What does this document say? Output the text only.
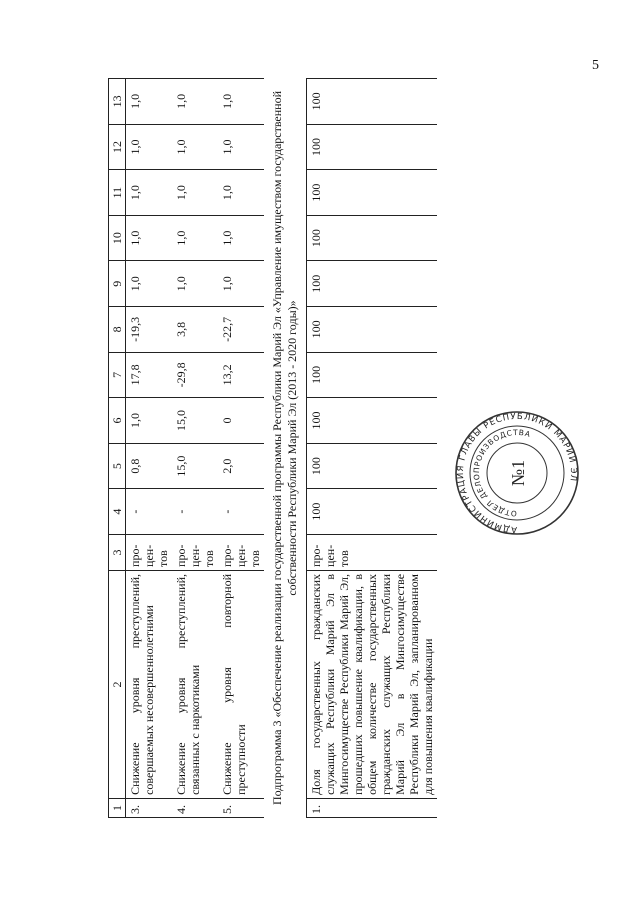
5
1	2	3	4	5	6	7	8	9	10	11	12	13
3.	Снижение уровня преступлений, совершаемых несовершеннолетними	про-цен-тов	-	0,8	1,0	17,8	-19,3	1,0	1,0	1,0	1,0	1,0
4.	Снижение уровня преступлений, связанных с наркотиками	про-цен-тов	-	15,0	15,0	-29,8	3,8	1,0	1,0	1,0	1,0	1,0
5.	Снижение уровня повторной преступности	про-цен-тов	-	2,0	0	13,2	-22,7	1,0	1,0	1,0	1,0	1,0
Подпрограмма 3 «Обеспечение реализации государственной программы Республики Марий Эл «Управление имуществом государственной собственности Республики Марий Эл (2013 - 2020 годы)»												
1.	Доля государственных гражданских служащих Республики Марий Эл в Мингосимуществе Республики Марий Эл, прошедших повышение квалификации, в общем количестве государственных гражданских служащих Республики Марий Эл в Мингосимуществе Республики Марий Эл, запланированном для повышения квалификации	про-цен-тов	100	100	100	100	100	100	100	100	100	100
АДМИНИСТРАЦИЯ ГЛАВЫ РЕСПУБЛИКИ МАРИЙ ЭЛ
ОТДЕЛ ДЕЛОПРОИЗВОДСТВА
№1
